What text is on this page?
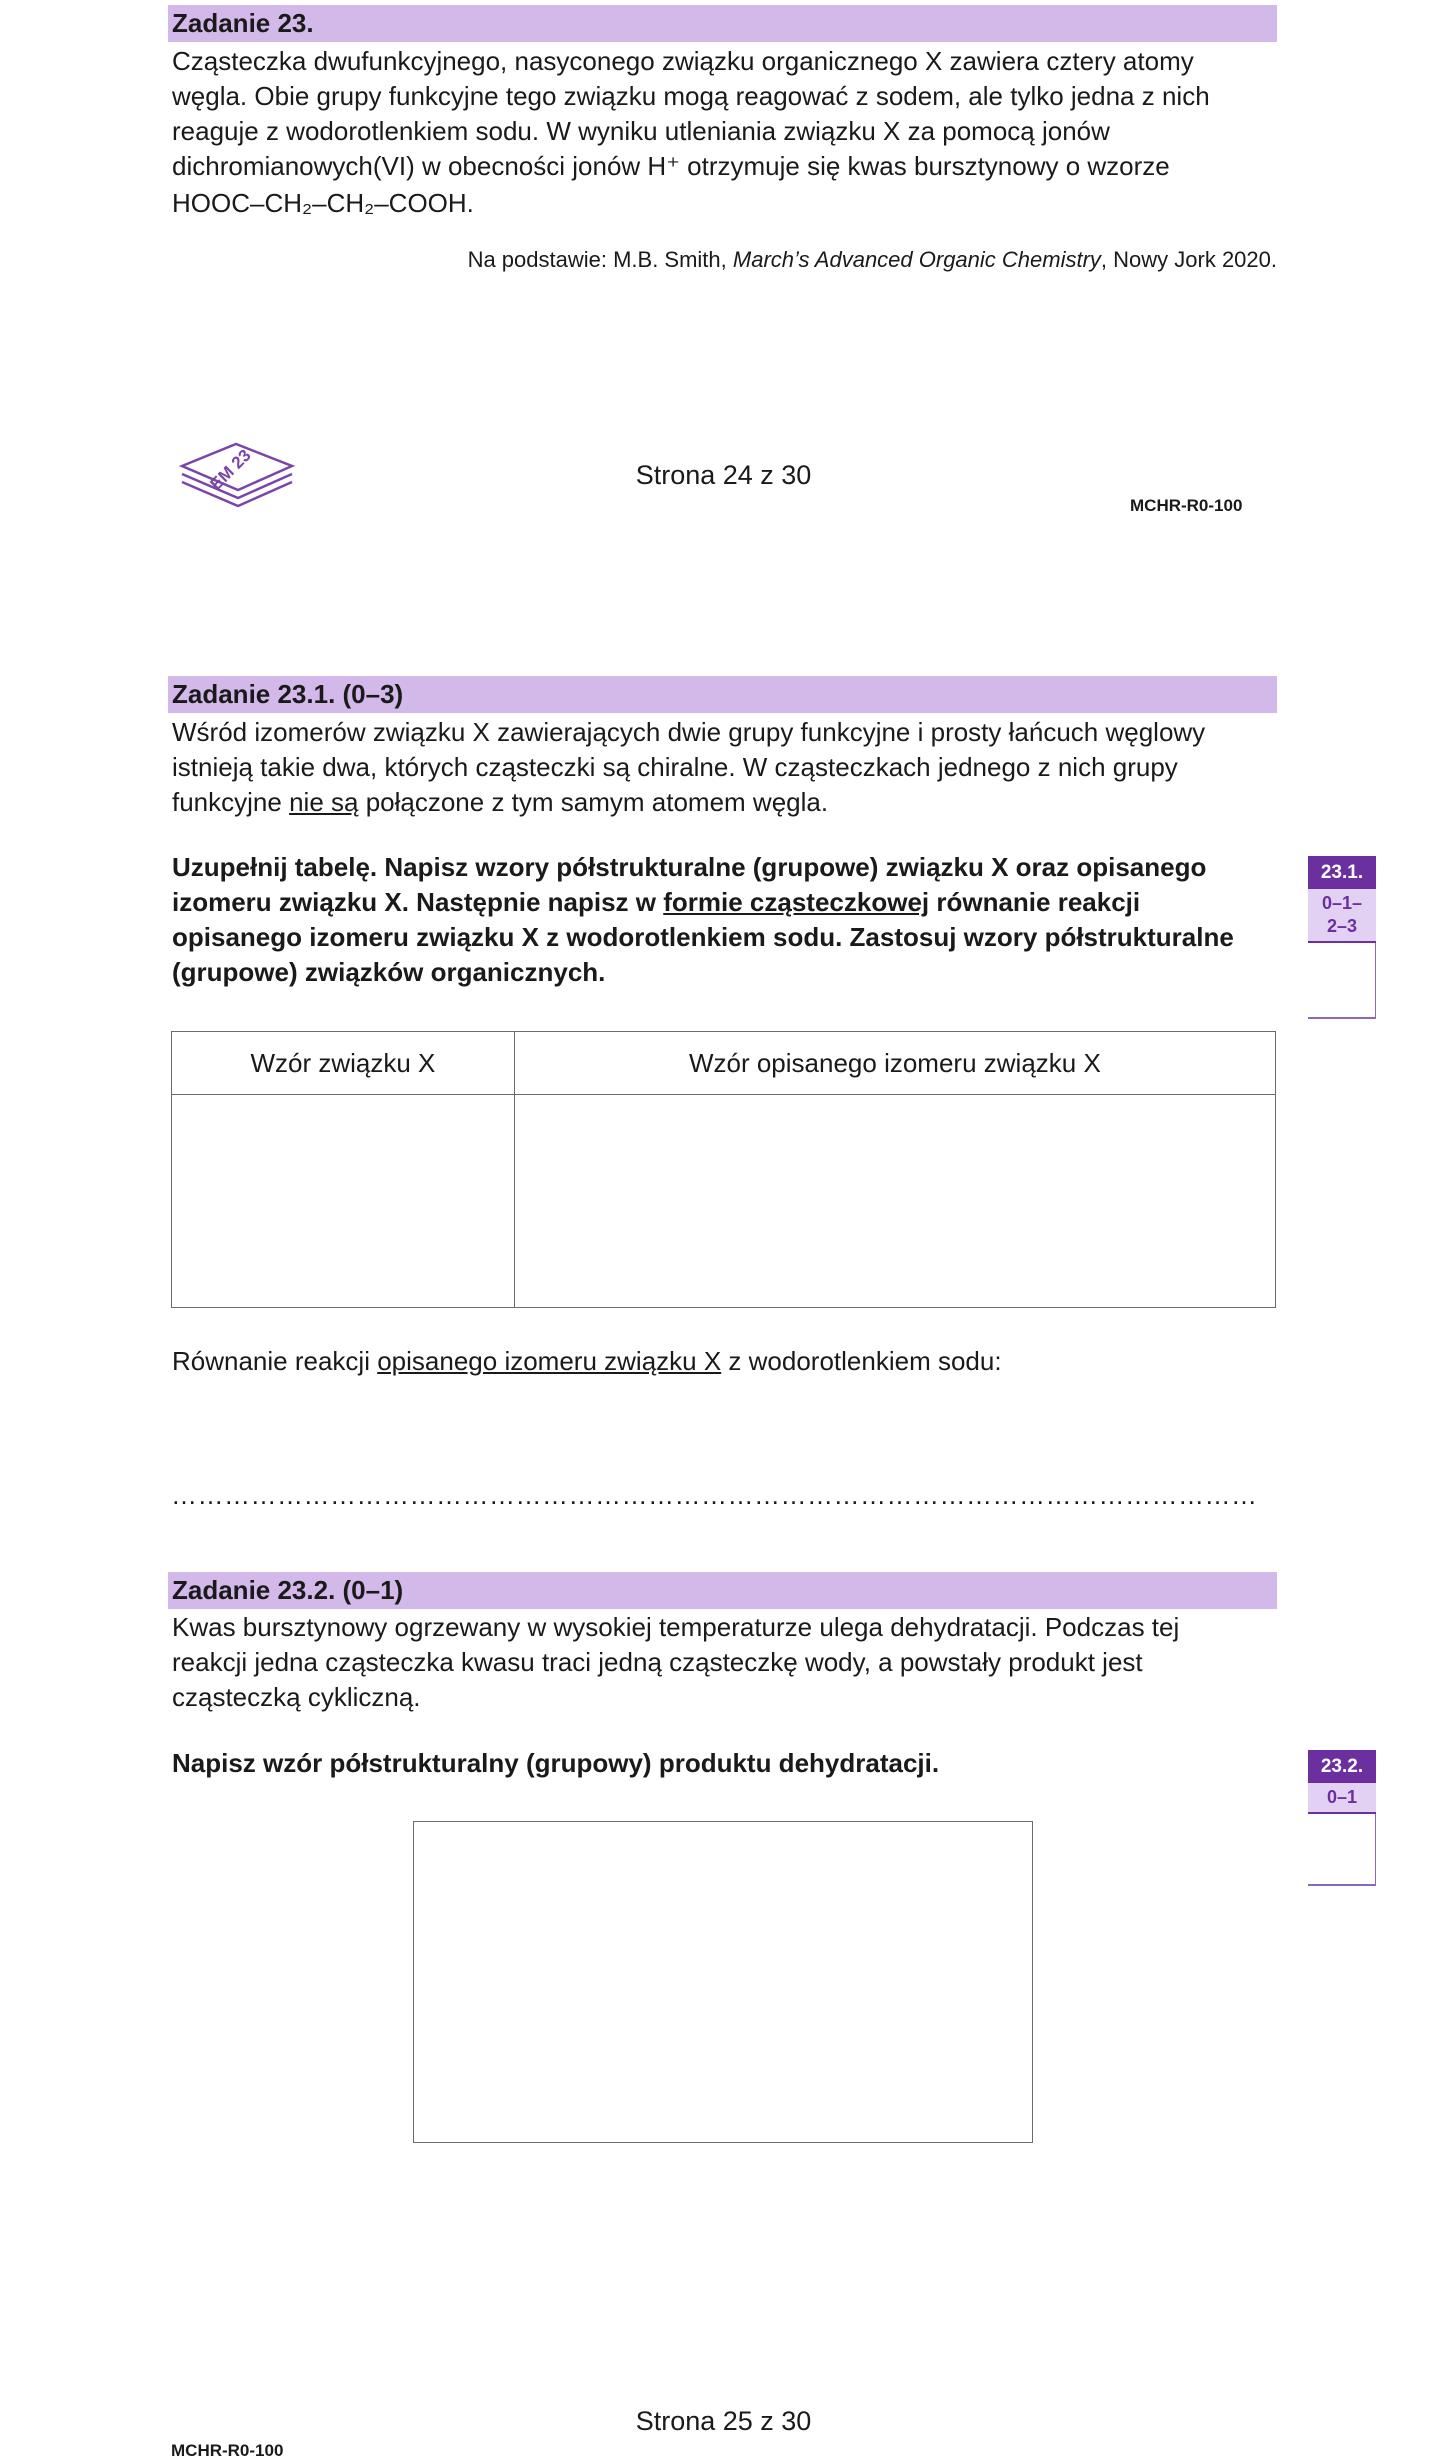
Zadanie 23.
Cząsteczka dwufunkcyjnego, nasyconego związku organicznego X zawiera cztery atomy
węgla. Obie grupy funkcyjne tego związku mogą reagować z sodem, ale tylko jedna z nich
reaguje z wodorotlenkiem sodu. W wyniku utleniania związku X za pomocą jonów
dichromianowych(VI) w obecności jonów H⁺ otrzymuje się kwas bursztynowy o wzorze
HOOC–CH₂–CH₂–COOH.
Na podstawie: M.B. Smith, March’s Advanced Organic Chemistry, Nowy Jork 2020.
EM 23	Strona 24 z 30
MCHR-R0-100
Zadanie 23.1. (0–3)
Wśród izomerów związku X zawierających dwie grupy funkcyjne i prosty łańcuch węglowy
istnieją takie dwa, których cząsteczki są chiralne. W cząsteczkach jednego z nich grupy
funkcyjne nie są połączone z tym samym atomem węgla.
Uzupełnij tabelę. Napisz wzory półstrukturalne (grupowe) związku X oraz opisanego
izomeru związku X. Następnie napisz w formie cząsteczkowej równanie reakcji
opisanego izomeru związku X z wodorotlenkiem sodu. Zastosuj wzory półstrukturalne
(grupowe) związków organicznych.
23.1.
0–1–
2–3
Wzór związku X	Wzór opisanego izomeru związku X

Równanie reakcji opisanego izomeru związku X z wodorotlenkiem sodu:
……………………………………………………………………………………………………………
Zadanie 23.2. (0–1)
Kwas bursztynowy ogrzewany w wysokiej temperaturze ulega dehydratacji. Podczas tej
reakcji jedna cząsteczka kwasu traci jedną cząsteczkę wody, a powstały produkt jest
cząsteczką cykliczną.
Napisz wzór półstrukturalny (grupowy) produktu dehydratacji.	23.2.
0–1
Strona 25 z 30
MCHR-R0-100
